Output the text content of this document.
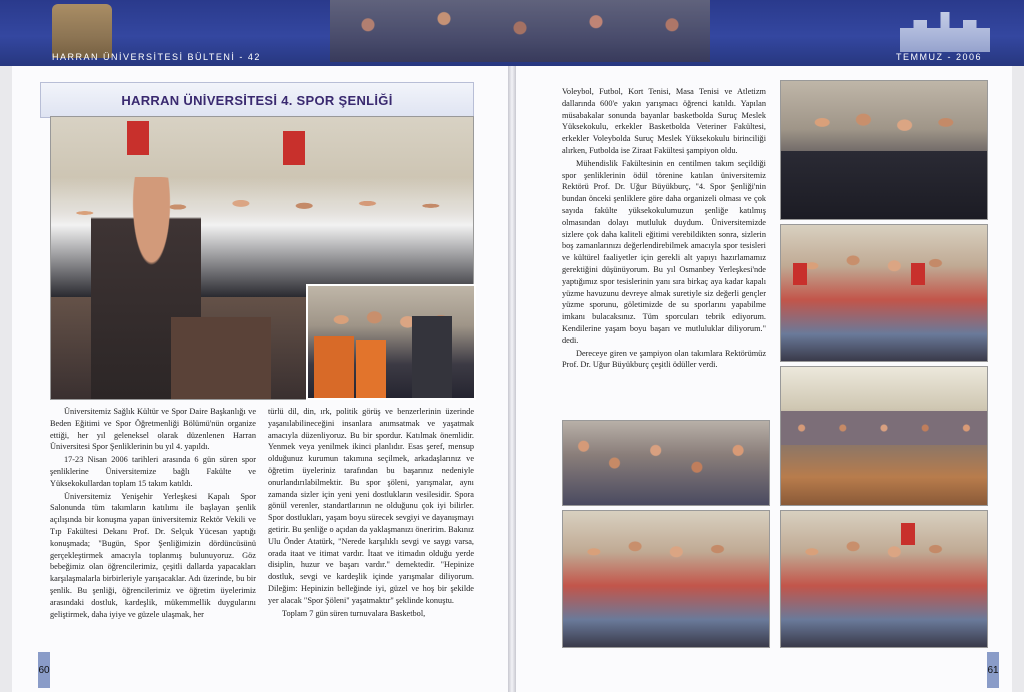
HARRAN ÜNİVERSİTESİ BÜLTENİ - 42	TEMMUZ - 2006
HARRAN ÜNİVERSİTESİ 4. SPOR ŞENLİĞİ

Üniversitemiz Sağlık Kültür ve Spor Daire Başkanlığı ve Beden Eğitimi ve Spor Öğretmenliği Bölümü'nün organize ettiği, her yıl geleneksel olarak düzenlenen Harran Üniversitesi Spor Şenliklerinin bu yıl 4. yapıldı.

17-23 Nisan 2006 tarihleri arasında 6 gün süren spor şenliklerine Üniversitemize bağlı Fakülte ve Yüksekokullardan toplam 15 takım katıldı.

Üniversitemiz Yenişehir Yerleşkesi Kapalı Spor Salonunda tüm takımların katılımı ile başlayan şenlik açılışında bir konuşma yapan üniversitemiz Rektör Vekili ve Tıp Fakültesi Dekanı Prof. Dr. Selçuk Yücesan yaptığı konuşmada; "Bugün, Spor Şenliğimizin dördüncüsünü gerçekleştirmek amacıyla toplanmış bulunuyoruz. Göz bebeğimiz olan öğrencilerimiz, çeşitli dallarda yapacakları karşılaşmalarla birbirleriyle yarışacaklar. Adı üzerinde, bu bir şenlik. Bu şenliği, öğrencilerimiz ve öğretim üyelerimiz arasındaki dostluk, kardeşlik, mükemmellik duygularını geliştirmek, daha iyiye ve güzele ulaşmak, her

türlü dil, din, ırk, politik görüş ve benzerlerinin üzerinde yaşanılabilineceğini insanlara anımsatmak ve yaşatmak amacıyla düzenliyoruz. Bu bir spordur. Katılmak önemlidir. Yenmek veya yenilmek ikinci planlıdır. Esas şeref, mensup olduğunuz kurumun takımına seçilmek, arkadaşlarınız ve öğretim üyeleriniz tarafından bu başarınız nedeniyle onurlandırılabilmektir. Bu spor şöleni, yarışmalar, aynı zamanda sizler için yeni yeni dostlukların vesilesidir. Spora gönül verenler, standartlarının ne olduğunu çok iyi bilirler. Spor dostlukları, yaşam boyu sürecek sevgiyi ve dayanışmayı getirir. Bu şenliğe o açıdan da yaklaşmanızı öneririm. Bakınız Ulu Önder Atatürk, "Nerede karşılıklı sevgi ve saygı varsa, orada itaat ve itimat vardır. İtaat ve itimadın olduğu yerde disiplin, huzur ve başarı vardır." demektedir. "Hepinize dostluk, sevgi ve kardeşlik içinde yarışmalar diliyorum. Dileğim: Hepinizin belleğinde iyi, güzel ve hoş bir şekilde yer alacak "Spor Şöleni" yaşatmaktır" şeklinde konuştu.

Toplam 7 gün süren turnuvalara Basketbol,

Voleybol, Futbol, Kort Tenisi, Masa Tenisi ve Atletizm dallarında 600'e yakın yarışmacı öğrenci katıldı. Yapılan müsabakalar sonunda bayanlar basketbolda Suruç Meslek Yüksekokulu, erkekler Basketbolda Veteriner Fakültesi, erkekler Voleybolda Suruç Meslek Yüksekokulu birinciliği alırken, Futbolda ise Ziraat Fakültesi şampiyon oldu.

Mühendislik Fakültesinin en centilmen takım seçildiği spor şenliklerinin ödül törenine katılan üniversitemiz Rektörü Prof. Dr. Uğur Büyükburç, "4. Spor Şenliği'nin bundan önceki şenliklere göre daha organizeli olması ve çok sayıda fakülte yüksekokulumuzun şenliğe katılmış olmasından dolayı mutluluk duydum. Üniversitemizde sizlere çok daha kaliteli eğitimi verebildikten sonra, sizlerin boş zamanlarınızı değerlendirebilmek amacıyla spor tesisleri ve kültürel faaliyetler için gerekli alt yapıyı hazırlamamız gerektiğini düşünüyorum. Bu yıl Osmanbey Yerleşkesi'nde yaptığımız spor tesislerinin yanı sıra birkaç aya kadar kapalı yüzme havuzunu devreye almak suretiyle siz değerli gençler yüzme sporunu, göletimizde de su sporlarını yapabilme imkanı bulacaksınız. Tüm sporcuları tebrik ediyorum. Kendilerine yaşam boyu başarı ve mutluluklar diliyorum." dedi.

Dereceye giren ve şampiyon olan takımlara Rektörümüz Prof. Dr. Uğur Büyükburç çeşitli ödüller verdi.

60	61
